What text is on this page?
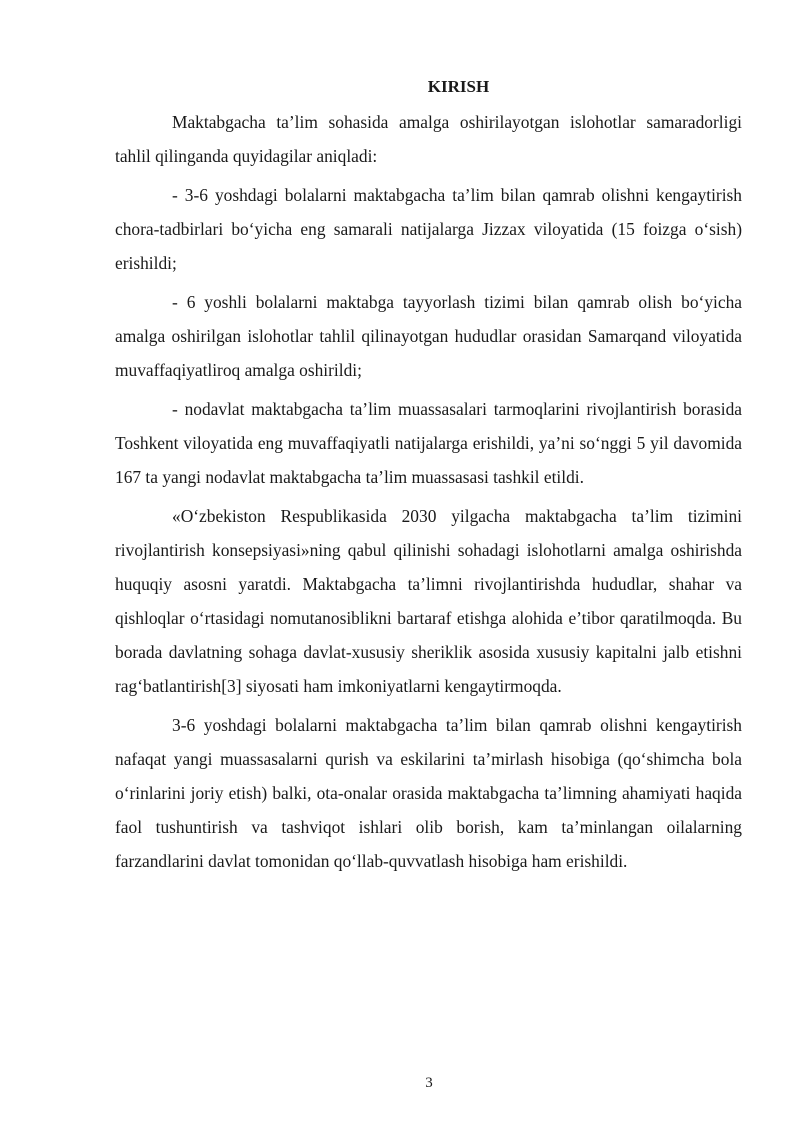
KIRISH

Maktabgacha ta’lim sohasida amalga oshirilayotgan islohotlar samaradorligi tahlil qilinganda quyidagilar aniqladi:

- 3-6 yoshdagi bolalarni maktabgacha ta’lim bilan qamrab olishni kengaytirish chora-tadbirlari bo‘yicha eng samarali natijalarga Jizzax viloyatida (15 foizga o‘sish) erishildi;

- 6 yoshli bolalarni maktabga tayyorlash tizimi bilan qamrab olish bo‘yicha amalga oshirilgan islohotlar tahlil qilinayotgan hududlar orasidan Samarqand viloyatida muvaffaqiyatliroq amalga oshirildi;

- nodavlat maktabgacha ta’lim muassasalari tarmoqlarini rivojlantirish borasida Toshkent viloyatida eng muvaffaqiyatli natijalarga erishildi, ya’ni so‘nggi 5 yil davomida 167 ta yangi nodavlat maktabgacha ta’lim muassasasi tashkil etildi.

«O‘zbekiston Respublikasida 2030 yilgacha maktabgacha ta’lim tizimini rivojlantirish konsepsiyasi»ning qabul qilinishi sohadagi islohotlarni amalga oshirishda huquqiy asosni yaratdi. Maktabgacha ta’limni rivojlantirishda hududlar, shahar va qishloqlar o‘rtasidagi nomutanosiblikni bartaraf etishga alohida e’tibor qaratilmoqda. Bu borada davlatning sohaga davlat-xususiy sheriklik asosida xususiy kapitalni jalb etishni rag‘batlantirish[3] siyosati ham imkoniyatlarni kengaytirmoqda.

3-6 yoshdagi bolalarni maktabgacha ta’lim bilan qamrab olishni kengaytirish nafaqat yangi muassasalarni qurish va eskilarini ta’mirlash hisobiga (qo‘shimcha bola o‘rinlarini joriy etish) balki, ota-onalar orasida maktabgacha ta’limning ahamiyati haqida faol tushuntirish va tashviqot ishlari olib borish, kam ta’minlangan oilalarning farzandlarini davlat tomonidan qo‘llab-quvvatlash hisobiga ham erishildi.

3
